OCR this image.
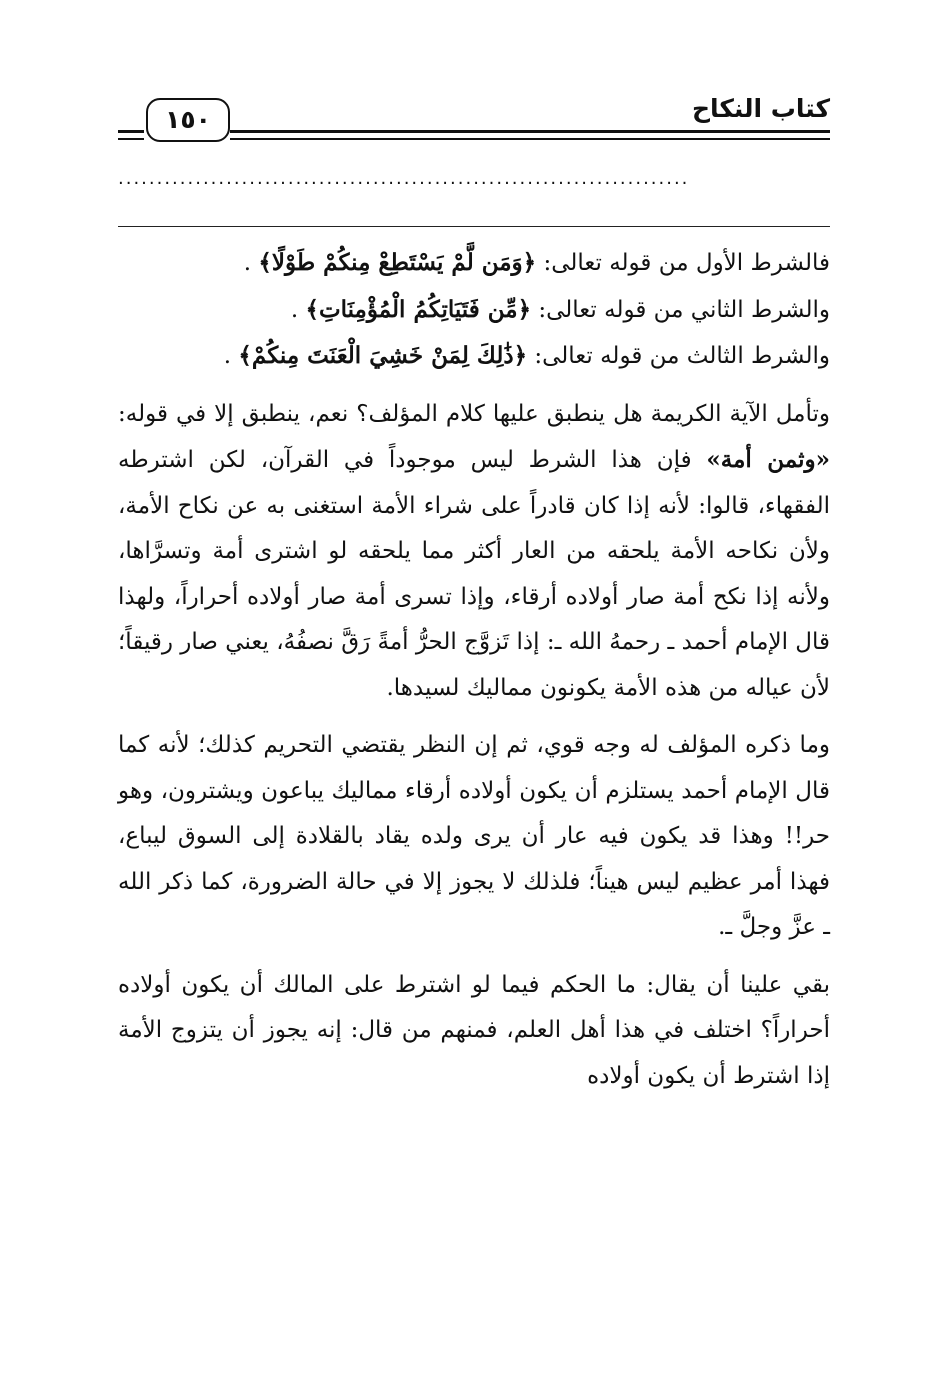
كتاب النكاح
١٥٠
..........................................................................

فالشرط الأول من قوله تعالى: ﴿وَمَن لَّمْ يَسْتَطِعْ مِنكُمْ طَوْلًا﴾ .

والشرط الثاني من قوله تعالى: ﴿مِّن فَتَيَاتِكُمُ الْمُؤْمِنَاتِ﴾ .

والشرط الثالث من قوله تعالى: ﴿ذَٰلِكَ لِمَنْ خَشِيَ الْعَنَتَ مِنكُمْ﴾ .

وتأمل الآية الكريمة هل ينطبق عليها كلام المؤلف؟ نعم، ينطبق إلا في قوله: «وثمن أمة» فإن هذا الشرط ليس موجوداً في القرآن، لكن اشترطه الفقهاء، قالوا: لأنه إذا كان قادراً على شراء الأمة استغنى به عن نكاح الأمة، ولأن نكاحه الأمة يلحقه من العار أكثر مما يلحقه لو اشترى أمة وتسرَّاها، ولأنه إذا نكح أمة صار أولاده أرقاء، وإذا تسرى أمة صار أولاده أحراراً، ولهذا قال الإمام أحمد ـ رحمهُ الله ـ: إذا تَزوَّج الحرُّ أمةً رَقَّ نصفُهُ، يعني صار رقيقاً؛ لأن عياله من هذه الأمة يكونون مماليك لسيدها.

وما ذكره المؤلف له وجه قوي، ثم إن النظر يقتضي التحريم كذلك؛ لأنه كما قال الإمام أحمد يستلزم أن يكون أولاده أرقاء مماليك يباعون ويشترون، وهو حر!! وهذا قد يكون فيه عار أن يرى ولده يقاد بالقلادة إلى السوق ليباع، فهذا أمر عظيم ليس هيناً؛ فلذلك لا يجوز إلا في حالة الضرورة، كما ذكر الله ـ عزَّ وجلَّ ـ.

بقي علينا أن يقال: ما الحكم فيما لو اشترط على المالك أن يكون أولاده أحراراً؟ اختلف في هذا أهل العلم، فمنهم من قال: إنه يجوز أن يتزوج الأمة إذا اشترط أن يكون أولاده
